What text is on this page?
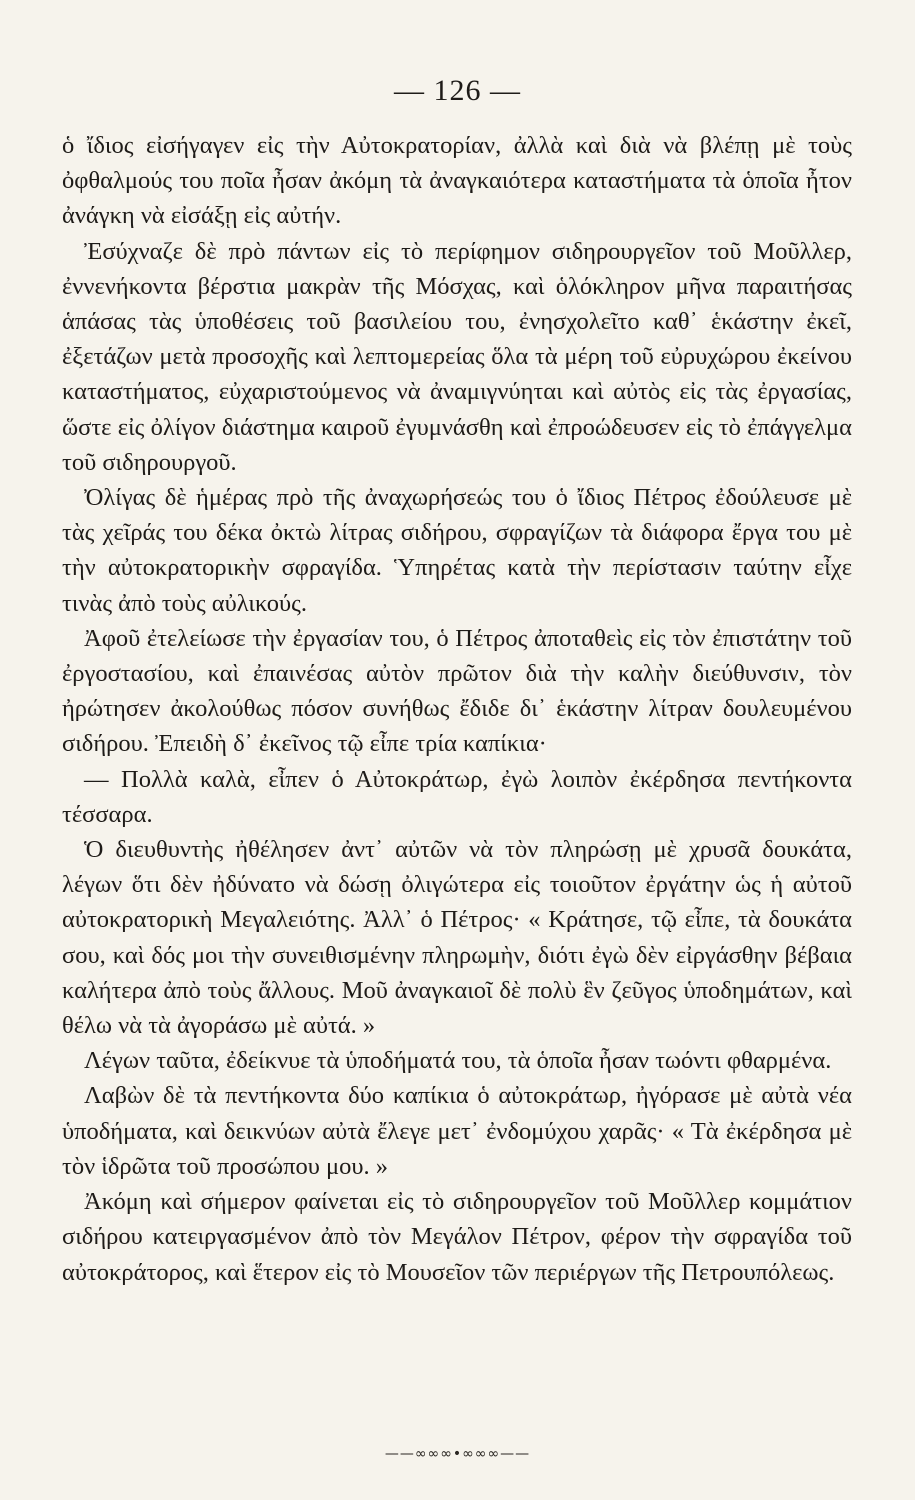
— 126 —

ὁ ἴδιος εἰσήγαγεν εἰς τὴν Αὐτοκρατορίαν, ἀλλὰ καὶ διὰ νὰ βλέπῃ μὲ τοὺς ὀφθαλμούς του ποῖα ἦσαν ἀκόμη τὰ ἀναγκαιότερα καταστήματα τὰ ὁποῖα ἦτον ἀνάγκη νὰ εἰσάξῃ εἰς αὐτήν.

Ἐσύχναζε δὲ πρὸ πάντων εἰς τὸ περίφημον σιδηρουργεῖον τοῦ Μοῦλλερ, ἐννενήκοντα βέρστια μακρὰν τῆς Μόσχας, καὶ ὁλόκληρον μῆνα παραιτήσας ἁπάσας τὰς ὑποθέσεις τοῦ βασιλείου του, ἐνησχολεῖτο καθ᾿ ἑκάστην ἐκεῖ, ἐξετάζων μετὰ προσοχῆς καὶ λεπτομερείας ὅλα τὰ μέρη τοῦ εὐρυχώρου ἐκείνου καταστήματος, εὐχαριστούμενος νὰ ἀναμιγνύηται καὶ αὐτὸς εἰς τὰς ἐργασίας, ὥστε εἰς ὀλίγον διάστημα καιροῦ ἐγυμνάσθη καὶ ἐπροώδευσεν εἰς τὸ ἐπάγγελμα τοῦ σιδηρουργοῦ.

Ὀλίγας δὲ ἡμέρας πρὸ τῆς ἀναχωρήσεώς του ὁ ἴδιος Πέτρος ἐδούλευσε μὲ τὰς χεῖράς του δέκα ὀκτὼ λίτρας σιδήρου, σφραγίζων τὰ διάφορα ἔργα του μὲ τὴν αὐτοκρατορικὴν σφραγίδα. Ὑπηρέτας κατὰ τὴν περίστασιν ταύτην εἶχε τινὰς ἀπὸ τοὺς αὐλικούς.

Ἀφοῦ ἐτελείωσε τὴν ἐργασίαν του, ὁ Πέτρος ἀποταθεὶς εἰς τὸν ἐπιστάτην τοῦ ἐργοστασίου, καὶ ἐπαινέσας αὐτὸν πρῶτον διὰ τὴν καλὴν διεύθυνσιν, τὸν ἠρώτησεν ἀκολούθως πόσον συνήθως ἔδιδε δι᾿ ἑκάστην λίτραν δουλευμένου σιδήρου. Ἐπειδὴ δ᾿ ἐκεῖνος τῷ εἶπε τρία καπίκια·

— Πολλὰ καλὰ, εἶπεν ὁ Αὐτοκράτωρ, ἐγὼ λοιπὸν ἐκέρδησα πεντήκοντα τέσσαρα.

Ὁ διευθυντὴς ἠθέλησεν ἀντ᾿ αὐτῶν νὰ τὸν πληρώσῃ μὲ χρυσᾶ δουκάτα, λέγων ὅτι δὲν ἠδύνατο νὰ δώσῃ ὀλιγώτερα εἰς τοιοῦτον ἐργάτην ὡς ἡ αὐτοῦ αὐτοκρατορικὴ Μεγαλειότης. Ἀλλ᾿ ὁ Πέτρος· « Κράτησε, τῷ εἶπε, τὰ δουκάτα σου, καὶ δός μοι τὴν συνειθισμένην πληρωμὴν, διότι ἐγὼ δὲν εἰργάσθην βέβαια καλήτερα ἀπὸ τοὺς ἄλλους. Μοῦ ἀναγκαιοῖ δὲ πολὺ ἓν ζεῦγος ὑποδημάτων, καὶ θέλω νὰ τὰ ἀγοράσω μὲ αὐτά. »

Λέγων ταῦτα, ἐδείκνυε τὰ ὑποδήματά του, τὰ ὁποῖα ἦσαν τωόντι φθαρμένα.

Λαβὼν δὲ τὰ πεντήκοντα δύο καπίκια ὁ αὐτοκράτωρ, ἠγόρασε μὲ αὐτὰ νέα ὑποδήματα, καὶ δεικνύων αὐτὰ ἔλεγε μετ᾿ ἐνδομύχου χαρᾶς· « Τὰ ἐκέρδησα μὲ τὸν ἱδρῶτα τοῦ προσώπου μου. »

Ἀκόμη καὶ σήμερον φαίνεται εἰς τὸ σιδηρουργεῖον τοῦ Μοῦλλερ κομμάτιον σιδήρου κατειργασμένον ἀπὸ τὸν Μεγάλον Πέτρον, φέρον τὴν σφραγίδα τοῦ αὐτοκράτορος, καὶ ἕτερον εἰς τὸ Μουσεῖον τῶν περιέργων τῆς Πετρουπόλεως.

——∞∞∞•∞∞∞——
